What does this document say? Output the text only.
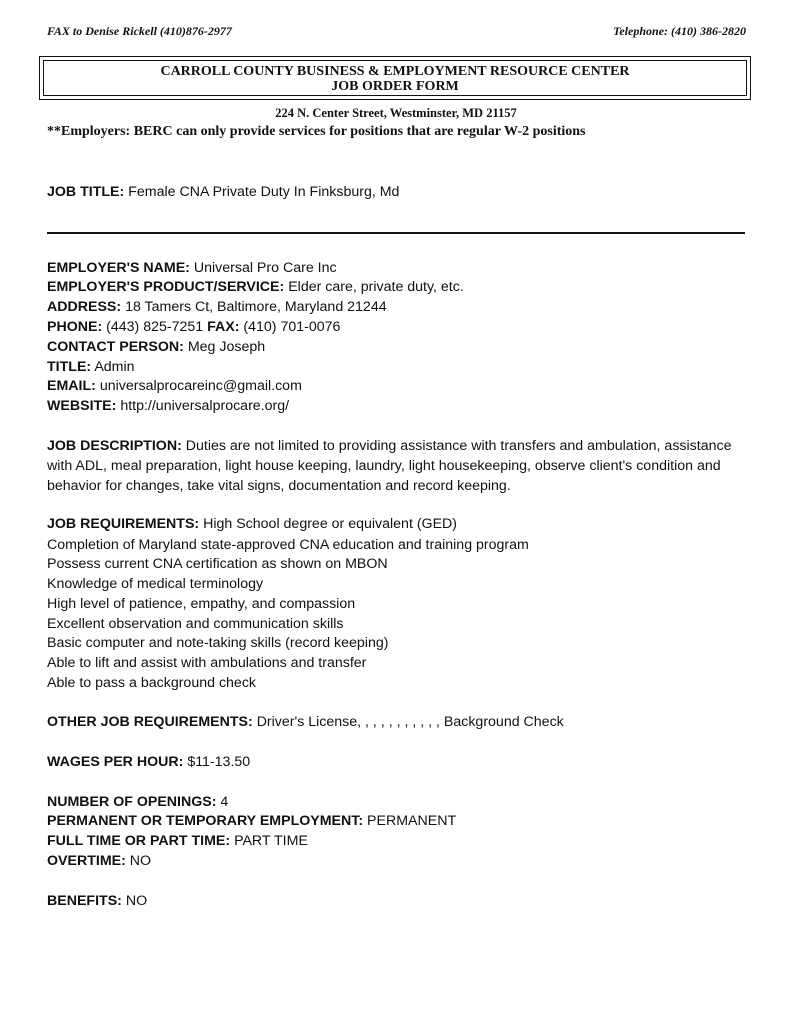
FAX to Denise Rickell (410)876-2977	Telephone: (410) 386-2820
CARROLL COUNTY BUSINESS & EMPLOYMENT RESOURCE CENTER
JOB ORDER FORM
224 N. Center Street, Westminster, MD 21157
**Employers: BERC can only provide services for positions that are regular W-2 positions
JOB TITLE: Female CNA Private Duty In Finksburg, Md
EMPLOYER'S NAME: Universal Pro Care Inc
EMPLOYER'S PRODUCT/SERVICE: Elder care, private duty, etc.
ADDRESS: 18 Tamers Ct, Baltimore, Maryland 21244
PHONE: (443) 825-7251 FAX: (410) 701-0076
CONTACT PERSON: Meg Joseph
TITLE: Admin
EMAIL: universalprocareinc@gmail.com
WEBSITE: http://universalprocare.org/
JOB DESCRIPTION: Duties are not limited to providing assistance with transfers and ambulation, assistance with ADL, meal preparation, light house keeping, laundry, light housekeeping, observe client's condition and behavior for changes, take vital signs, documentation and record keeping.
JOB REQUIREMENTS: High School degree or equivalent (GED)
Completion of Maryland state-approved CNA education and training program
Possess current CNA certification as shown on MBON
Knowledge of medical terminology
High level of patience, empathy, and compassion
Excellent observation and communication skills
Basic computer and note-taking skills (record keeping)
Able to lift and assist with ambulations and transfer
Able to pass a background check
OTHER JOB REQUIREMENTS: Driver's License, , , , , , , , , , , Background Check
WAGES PER HOUR: $11-13.50
NUMBER OF OPENINGS: 4
PERMANENT OR TEMPORARY EMPLOYMENT: PERMANENT
FULL TIME OR PART TIME: PART TIME
OVERTIME: NO
BENEFITS: NO
